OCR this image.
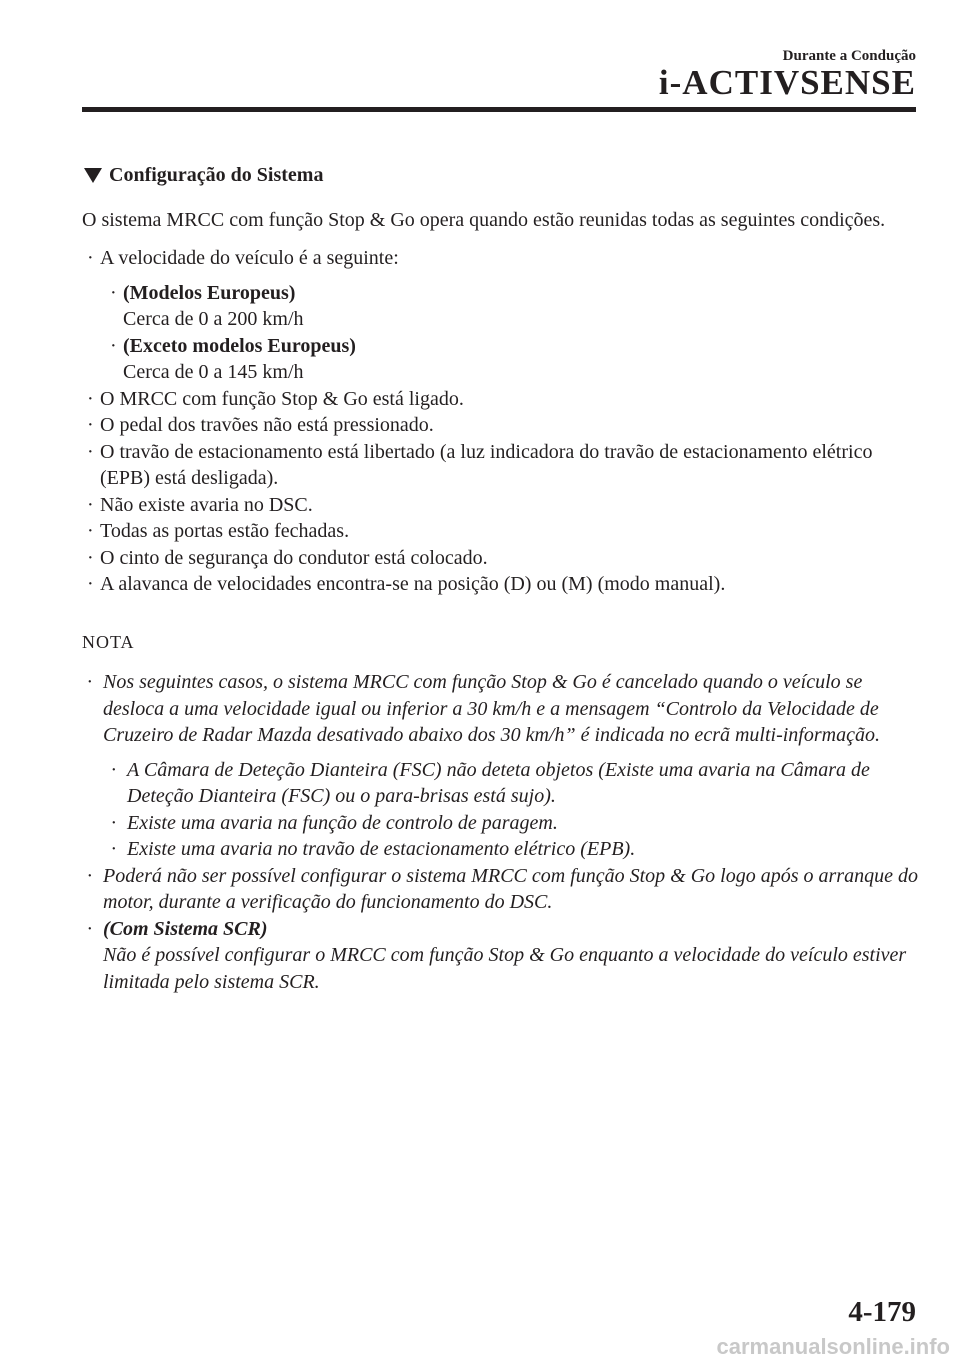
Durante a Condução
i-ACTIVSENSE
Configuração do Sistema
O sistema MRCC com função Stop & Go opera quando estão reunidas todas as seguintes condições.
· A velocidade do veículo é a seguinte:
· (Modelos Europeus)
Cerca de 0 a 200 km/h
· (Exceto modelos Europeus)
Cerca de 0 a 145 km/h
· O MRCC com função Stop & Go está ligado.
· O pedal dos travões não está pressionado.
· O travão de estacionamento está libertado (a luz indicadora do travão de estacionamento elétrico (EPB) está desligada).
· Não existe avaria no DSC.
· Todas as portas estão fechadas.
· O cinto de segurança do condutor está colocado.
· A alavanca de velocidades encontra-se na posição (D) ou (M) (modo manual).
NOTA
· Nos seguintes casos, o sistema MRCC com função Stop & Go é cancelado quando o veículo se desloca a uma velocidade igual ou inferior a 30 km/h e a mensagem “Controlo da Velocidade de Cruzeiro de Radar Mazda desativado abaixo dos 30 km/h” é indicada no ecrã multi-informação.
· A Câmara de Deteção Dianteira (FSC) não deteta objetos (Existe uma avaria na Câmara de Deteção Dianteira (FSC) ou o para-brisas está sujo).
· Existe uma avaria na função de controlo de paragem.
· Existe uma avaria no travão de estacionamento elétrico (EPB).
· Poderá não ser possível configurar o sistema MRCC com função Stop & Go logo após o arranque do motor, durante a verificação do funcionamento do DSC.
· (Com Sistema SCR)
Não é possível configurar o MRCC com função Stop & Go enquanto a velocidade do veículo estiver limitada pelo sistema SCR.
4-179
carmanualsonline.info
